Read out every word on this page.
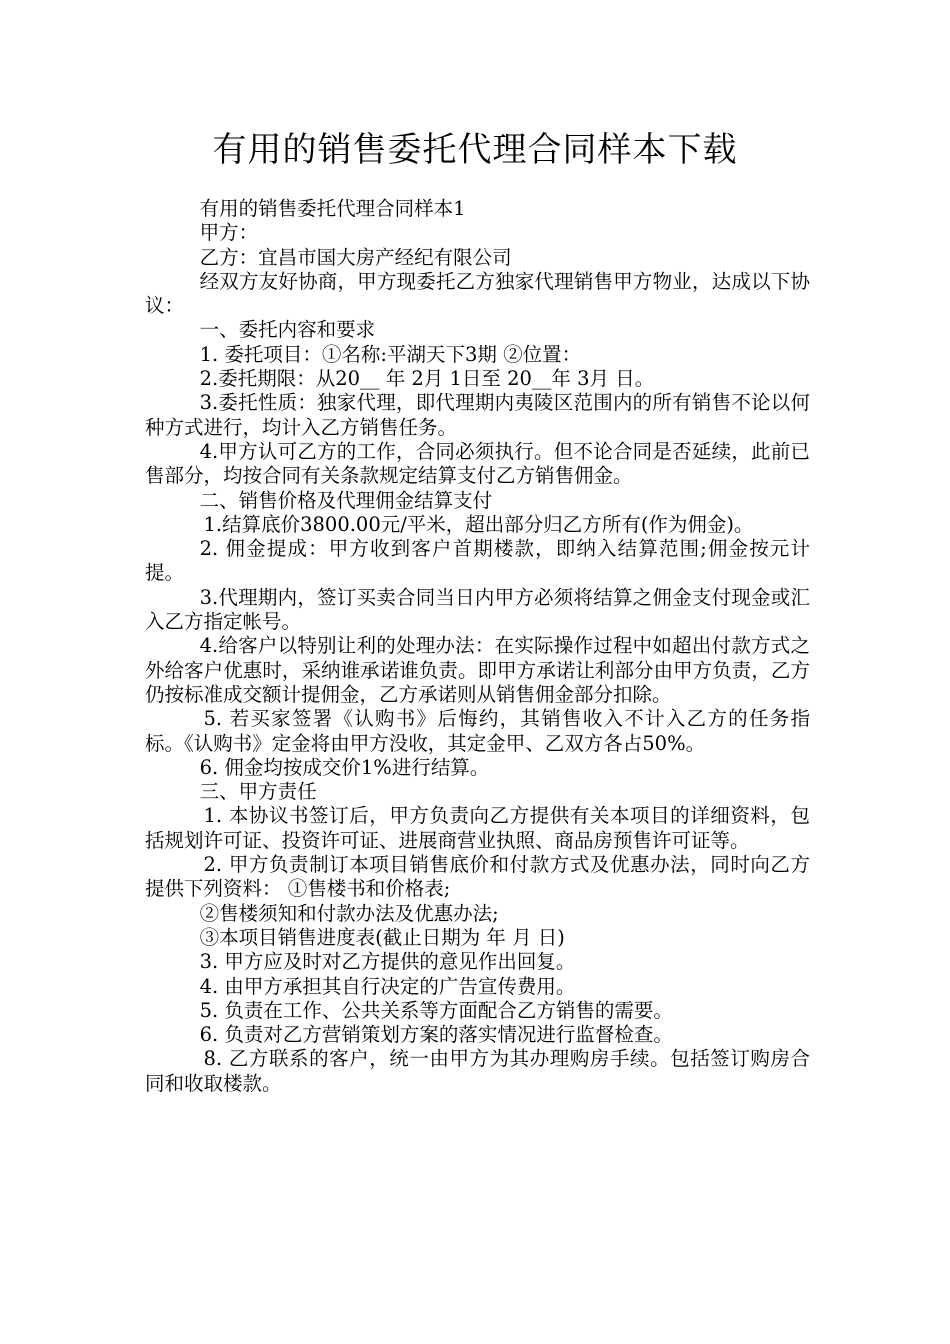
有用的销售委托代理合同样本下载

有用的销售委托代理合同样本1

甲方：

乙方：宜昌市国大房产经纪有限公司

经双方友好协商，甲方现委托乙方独家代理销售甲方物业，达成以下协议：

一、委托内容和要求

1. 委托项目：①名称:平湖天下3期 ②位置：

2.委托期限：从20__ 年 2月 1日至 20__年 3月 日。

3.委托性质：独家代理，即代理期内夷陵区范围内的所有销售不论以何种方式进行，均计入乙方销售任务。

4.甲方认可乙方的工作，合同必须执行。但不论合同是否延续，此前已售部分，均按合同有关条款规定结算支付乙方销售佣金。

二、销售价格及代理佣金结算支付

1.结算底价3800.00元/平米，超出部分归乙方所有(作为佣金)。

2. 佣金提成：甲方收到客户首期楼款，即纳入结算范围;佣金按元计提。

3.代理期内，签订买卖合同当日内甲方必须将结算之佣金支付现金或汇入乙方指定帐号。

4.给客户以特别让利的处理办法：在实际操作过程中如超出付款方式之外给客户优惠时，采纳谁承诺谁负责。即甲方承诺让利部分由甲方负责，乙方仍按标准成交额计提佣金，乙方承诺则从销售佣金部分扣除。

5. 若买家签署《认购书》后悔约，其销售收入不计入乙方的任务指标。《认购书》定金将由甲方没收，其定金甲、乙双方各占50%。

6. 佣金均按成交价1%进行结算。

三、甲方责任

1. 本协议书签订后，甲方负责向乙方提供有关本项目的详细资料，包括规划许可证、投资许可证、进展商营业执照、商品房预售许可证等。

2. 甲方负责制订本项目销售底价和付款方式及优惠办法，同时向乙方提供下列资料： ①售楼书和价格表;

②售楼须知和付款办法及优惠办法;

③本项目销售进度表(截止日期为 年 月 日)

3. 甲方应及时对乙方提供的意见作出回复。

4. 由甲方承担其自行决定的广告宣传费用。

5. 负责在工作、公共关系等方面配合乙方销售的需要。

6. 负责对乙方营销策划方案的落实情况进行监督检查。

8. 乙方联系的客户，统一由甲方为其办理购房手续。包括签订购房合同和收取楼款。
